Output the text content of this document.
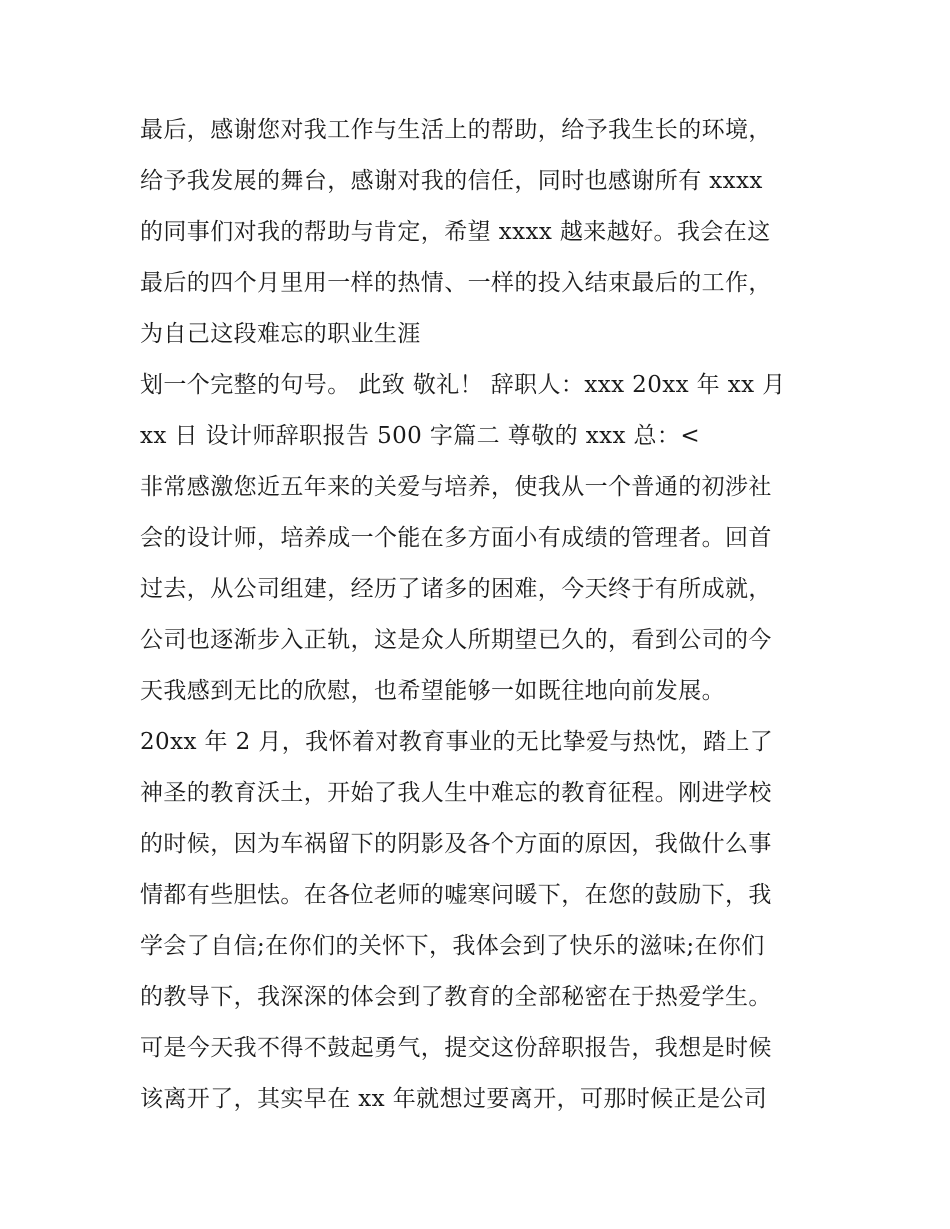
最后，感谢您对我工作与生活上的帮助，给予我生长的环境，
给予我发展的舞台，感谢对我的信任，同时也感谢所有 xxxx
的同事们对我的帮助与肯定，希望 xxxx 越来越好。我会在这
最后的四个月里用一样的热情、一样的投入结束最后的工作，
为自己这段难忘的职业生涯
划一个完整的句号。 此致 敬礼！ 辞职人：xxx 20xx 年 xx 月
xx 日 设计师辞职报告 500 字篇二 尊敬的 xxx 总：<
非常感激您近五年来的关爱与培养，使我从一个普通的初涉社
会的设计师，培养成一个能在多方面小有成绩的管理者。回首
过去，从公司组建，经历了诸多的困难，今天终于有所成就，
公司也逐渐步入正轨，这是众人所期望已久的，看到公司的今
天我感到无比的欣慰，也希望能够一如既往地向前发展。
20xx 年 2 月，我怀着对教育事业的无比挚爱与热忱，踏上了
神圣的教育沃土，开始了我人生中难忘的教育征程。刚进学校
的时候，因为车祸留下的阴影及各个方面的原因，我做什么事
情都有些胆怯。在各位老师的嘘寒问暖下，在您的鼓励下，我
学会了自信;在你们的关怀下，我体会到了快乐的滋味;在你们
的教导下，我深深的体会到了教育的全部秘密在于热爱学生。
可是今天我不得不鼓起勇气，提交这份辞职报告，我想是时候
该离开了，其实早在 xx 年就想过要离开，可那时候正是公司
